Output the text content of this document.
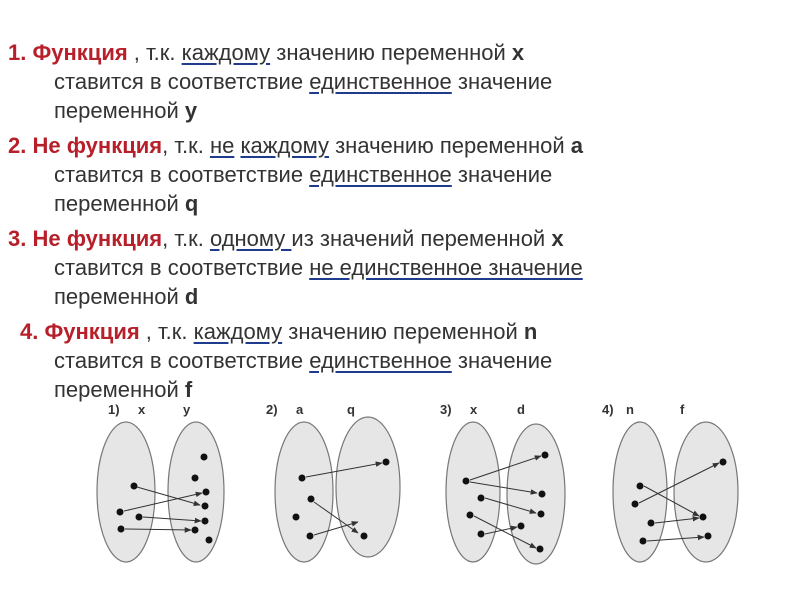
1. Функция , т.к. каждому значению переменной x
ставится в соответствие единственное значение
переменной y
2. Не функция, т.к. не каждому значению переменной a
ставится в соответствие единственное значение
переменной q
3. Не функция, т.к. одному из значений переменной x
ставится в соответствие не единственное значение
переменной d
4. Функция , т.к. каждому значению переменной n
ставится в соответствие единственное значение
переменной f
1) x	y	2) a	q	3) x	d	4) n	f
